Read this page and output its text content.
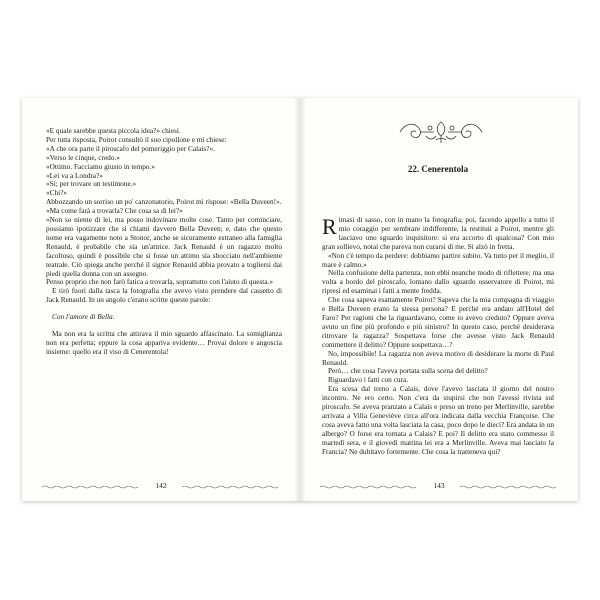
«E quale sarebbe questa piccola idea?» chiesi.

Per tutta risposta, Poirot consultò il suo cipollone e mi chiese:

«A che ora parte il piroscafo del pomeriggio per Calais?».

«Verso le cinque, credo.»

«Ottimo. Facciamo giusto in tempo.»

«Lei va a Londra?»

«Sì; per trovare un testimone.»

«Chi?»

Abbozzando un sorriso un po' canzonatorio, Poirot mi rispose: «Bella Duveen!».

«Ma come farà a trovarla? Che cosa sa di lei?»

«Non so niente di lei, ma posso indovinare molte cose. Tanto per cominciare, possiamo ipotizzare che si chiami davvero Bella Duveen; e, dato che questo nome era vagamente noto a Stonor, anche se sicuramente estraneo alla famiglia Renauld, è probabile che sia un'attrice. Jack Renauld è un ragazzo molto facoltoso, quindi è possibile che si fosse un attimo sia sbocciato nell'ambiente teatrale. Ciò spiega anche perché il signor Renauld abbia provato a togliersi dai piedi quella donna con un assegno.

Penso proprio che non farò fatica a trovarla, soprattutto con l'aiuto di questa.»

E tirò fuori dalla tasca la fotografia che avevo visto prendere dal cassetto di Jack Renauld. In un angolo c'erano scritte queste parole:

Con l'amore di Bella.

Ma non era la scritta che attirava il mio sguardo affascinato. La somiglianza non era perfetta; eppure la cosa appariva evidente… Provai dolore e angoscia insieme: quello era il viso di Cenerentola!

142
22. Cenerentola

Rimasi di sasso, con in mano la fotografia; poi, facendo appello a tutto il mio coraggio per sembrare indifferente, la restituii a Poirot, mentre gli lasciavo uno sguardo inquisitore: si era accorto di qualcosa? Con mio gran sollievo, notai che pareva non curarsi di me. Si alzò in fretta.

«Non c'è tempo da perdere: dobbiamo partire subito. Va tutto per il meglio, il mare è calmo.»

Nella confusione della partenza, non ebbi neanche modo di riflettere; ma una volta a bordo del piroscafo, lontano dallo sguardo osservatore di Poirot, mi ripresi ed esaminai i fatti a mente fredda.

Che cosa sapeva esattamente Poirot? Sapeva che la mia compagna di viaggio e Bella Duveen erano la stessa persona? E perché era andato all'Hotel del Faro? Per ragioni che la riguardavano, come io avevo creduto? Oppure aveva avuto un fine più profondo e più sinistro? In questo caso, perché desiderava ritrovare la ragazza? Sospettava forse che avesse visto Jack Renauld commettere il delitto? Oppure sospettava…?

No, impossibile! La ragazza non aveva motivo di desiderare la morte di Paul Renauld.

Però… che cosa l'aveva portata sulla scena del delitto?

Riguardavo i fatti con cura.

Era scesa dal treno a Calais, dove l'avevo lasciata il giorno del nostro incontro. Ne ero certo. Non c'era da stupirsi che non l'avessi rivista sul piroscafo. Se aveva pranzato a Calais e preso un treno per Merlinville, sarebbe arrivata a Villa Geneviève circa all'ora indicata dalla vecchia Françoise. Che cosa aveva fatto una volta lasciata la casa, poco dopo le dieci? Era andata in un albergo? O forse era tornata a Calais? E poi? Il delitto era stato commesso il martedì sera, e il giovedì mattina lei era a Merlinville. Aveva mai lasciato la Francia? Ne dubitavo fortemente. Che cosa la tratteneva qui?

143
